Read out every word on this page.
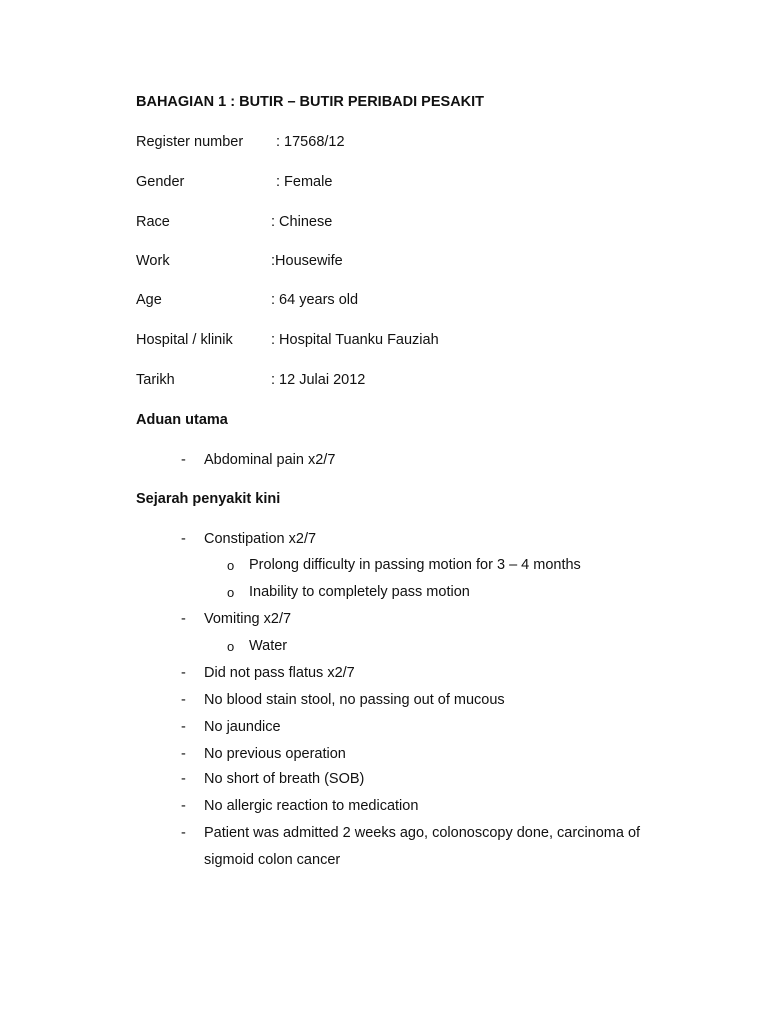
BAHAGIAN 1 : BUTIR – BUTIR PERIBADI PESAKIT
Register number : 17568/12
Gender	: Female
Race	: Chinese
Work	:Housewife
Age	: 64 years old
Hospital / klinik	: Hospital Tuanku Fauziah
Tarikh	: 12 Julai 2012
Aduan utama
- Abdominal pain x2/7
Sejarah penyakit kini
- Constipation x2/7
o Prolong difficulty in passing motion for 3 – 4 months
o Inability to completely pass motion
- Vomiting x2/7
o Water
- Did not pass flatus x2/7
- No blood stain stool, no passing out of mucous
- No jaundice
- No previous operation
- No short of breath (SOB)
- No allergic reaction to medication
- Patient was admitted 2 weeks ago, colonoscopy done, carcinoma of
sigmoid colon cancer
